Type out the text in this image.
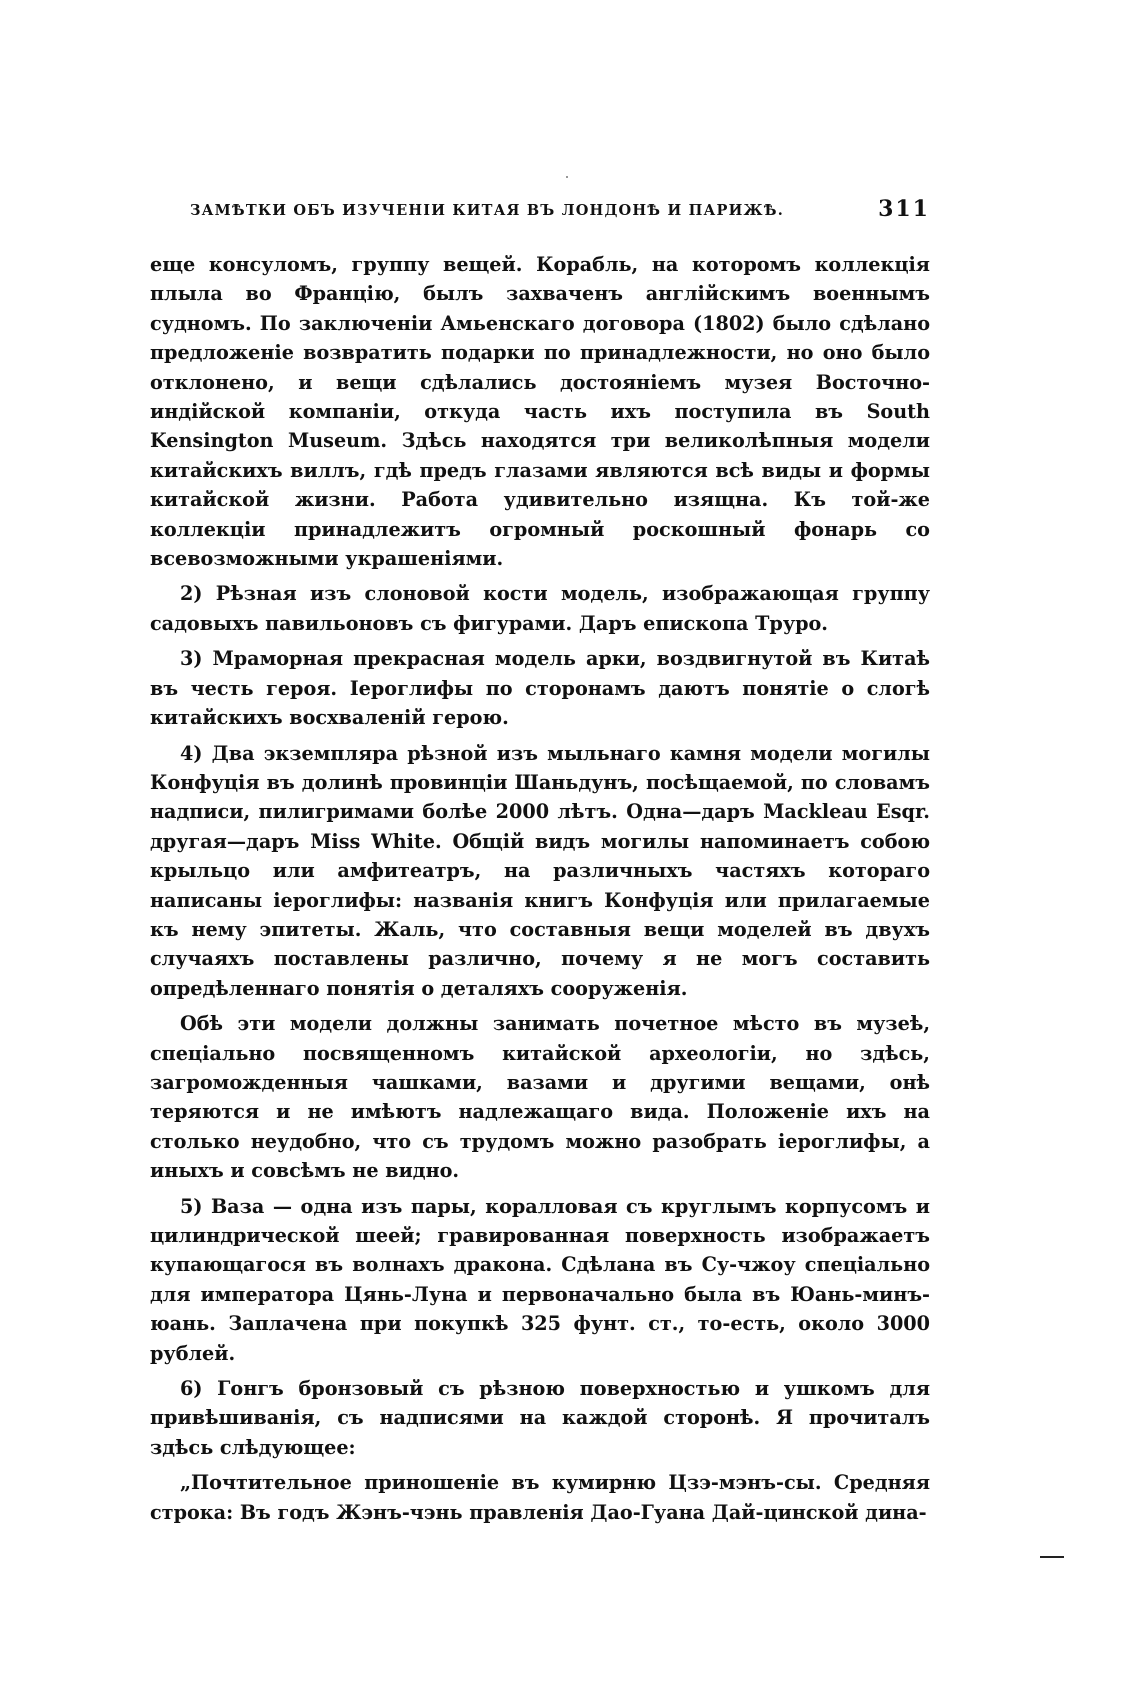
ЗАМѢТКИ ОБЪ ИЗУЧЕНІИ КИТАЯ ВЪ ЛОНДОНѢ И ПАРИЖѢ.	311

еще консуломъ, группу вещей. Корабль, на которомъ коллекція плыла во Францію, былъ захваченъ англійскимъ военнымъ судномъ. По заключеніи Амьенскаго договора (1802) было сдѣлано предложеніе возвратить подарки по принадлежности, но оно было отклонено, и вещи сдѣлались достояніемъ музея Восточно-индійской компаніи, откуда часть ихъ поступила въ South Kensington Museum. Здѣсь находятся три великолѣпныя модели китайскихъ виллъ, гдѣ предъ глазами являются всѣ виды и формы китайской жизни. Работа удивительно изящна. Къ той-же коллекціи принадлежитъ огромный роскошный фонарь со всевозможными украшеніями.

2) Рѣзная изъ слоновой кости модель, изображающая группу садовыхъ павильоновъ съ фигурами. Даръ епископа Труро.

3) Мраморная прекрасная модель арки, воздвигнутой въ Китаѣ въ честь героя. Іероглифы по сторонамъ даютъ понятіе о слогѣ китайскихъ восхваленій герою.

4) Два экземпляра рѣзной изъ мыльнаго камня модели могилы Конфуція въ долинѣ провинціи Шаньдунъ, посѣщаемой, по словамъ надписи, пилигримами болѣе 2000 лѣтъ. Одна—даръ Mackleau Esqr. другая—даръ Miss White. Общій видъ могилы напоминаетъ собою крыльцо или амфитеатръ, на различныхъ частяхъ котораго написаны іероглифы: названія книгъ Конфуція или прилагаемые къ нему эпитеты. Жаль, что составныя вещи моделей въ двухъ случаяхъ поставлены различно, почему я не могъ составить опредѣленнаго понятія о деталяхъ сооруженія.

Обѣ эти модели должны занимать почетное мѣсто въ музеѣ, спеціально посвященномъ китайской археологіи, но здѣсь, загроможденныя чашками, вазами и другими вещами, онѣ теряются и не имѣютъ надлежащаго вида. Положеніе ихъ на столько неудобно, что съ трудомъ можно разобрать іероглифы, а иныхъ и совсѣмъ не видно.

5) Ваза — одна изъ пары, коралловая съ круглымъ корпусомъ и цилиндрической шеей; гравированная поверхность изображаетъ купающагося въ волнахъ дракона. Сдѣлана въ Су-чжоу спеціально для императора Цянь-Луна и первоначально была въ Юань-минъ-юань. Заплачена при покупкѣ 325 фунт. ст., то-есть, около 3000 рублей.

6) Гонгъ бронзовый съ рѣзною поверхностью и ушкомъ для привѣшиванія, съ надписями на каждой сторонѣ. Я прочиталъ здѣсь слѣдующее:

„Почтительное приношеніе въ кумирню Цзэ-мэнъ-сы. Средняя строка: Въ годъ Жэнъ-чэнь правленія Дао-Гуана Дай-цинской дина-
